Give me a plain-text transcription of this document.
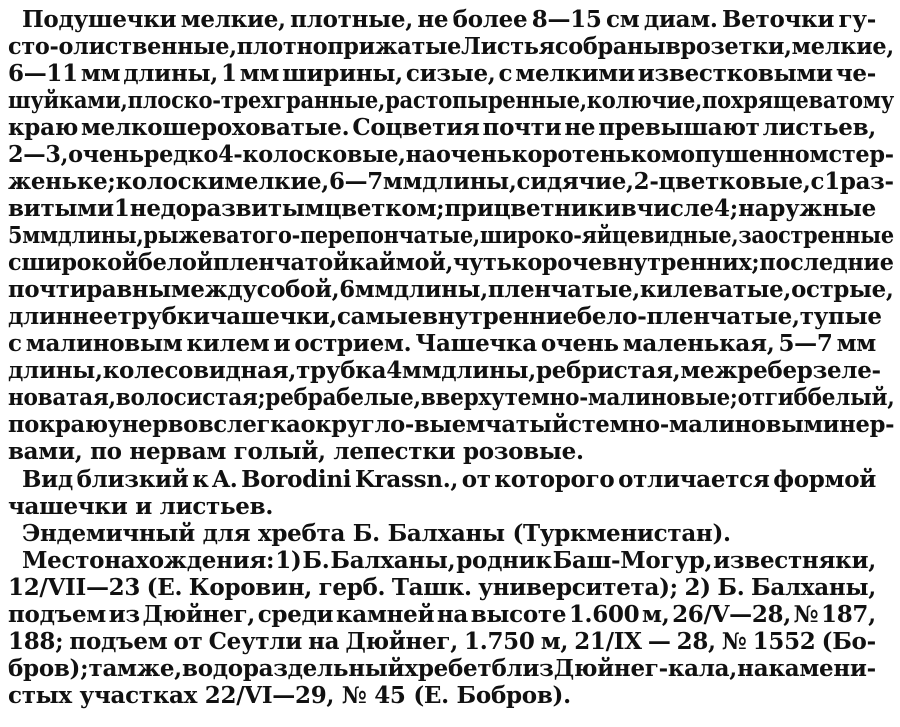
Подушечки мелкие, плотные, не более 8—15 см диам. Веточки гу-
сто-олиственные, плотно прижатые Листья собраны в розетки, мелкие,
6—11 мм длины, 1 мм ширины, сизые, с мелкими известковыми че-
шуйками, плоско-трехгранные, растопыренные, колючие, по хрящеватому
краю мелкошероховатые. Соцветия почти не превышают листьев,
2—3, очень редко 4-колосковые, на очень коротеньком опушенном стер-
женьке; колоски мелкие, 6—7 мм длины, сидячие, 2-цветковые, с 1 раз-
витым и 1 недоразвитым цветком; прицветники в числе 4; наружные
5 мм длины, рыжеватого-перепончатые, широко-яйцевидные, заостренные
с широкой белой пленчатой каймой, чуть короче внутренних; последние
почти равны между собой, 6 мм длины, пленчатые, килеватые, острые,
длиннее трубки чашечки, самые внутренние бело-пленчатые, тупые
с малиновым килем и острием. Чашечка очень маленькая, 5—7 мм
длины, колесовидная, трубка 4 мм длины, ребристая, меж ребер зеле-
новатая, волосистая; ребра белые, вверху темно-малиновые; отгиб белый,
по краю у нервов слегка округло-выемчатый с темно-малиновыми нер-
вами, по нервам голый, лепестки розовые.
Вид близкий к A. Borodini Krassn., от которого отличается формой
чашечки и листьев.
Эндемичный для хребта Б. Балханы (Туркменистан).
Местонахождения: 1) Б. Балханы, родник Баш-Могур, известняки,
12/VII—23 (Е. Коровин, герб. Ташк. университета); 2) Б. Балханы,
подъем из Дюйнег, среди камней на высоте 1.600 м, 26/V—28, № 187,
188; подъем от Сеутли на Дюйнег, 1.750 м, 21/IX — 28, № 1552 (Бо-
бров); там же, водораздельный хребет близ Дюйнег-кала, на камени-
стых участках 22/VI—29, № 45 (Е. Бобров).
